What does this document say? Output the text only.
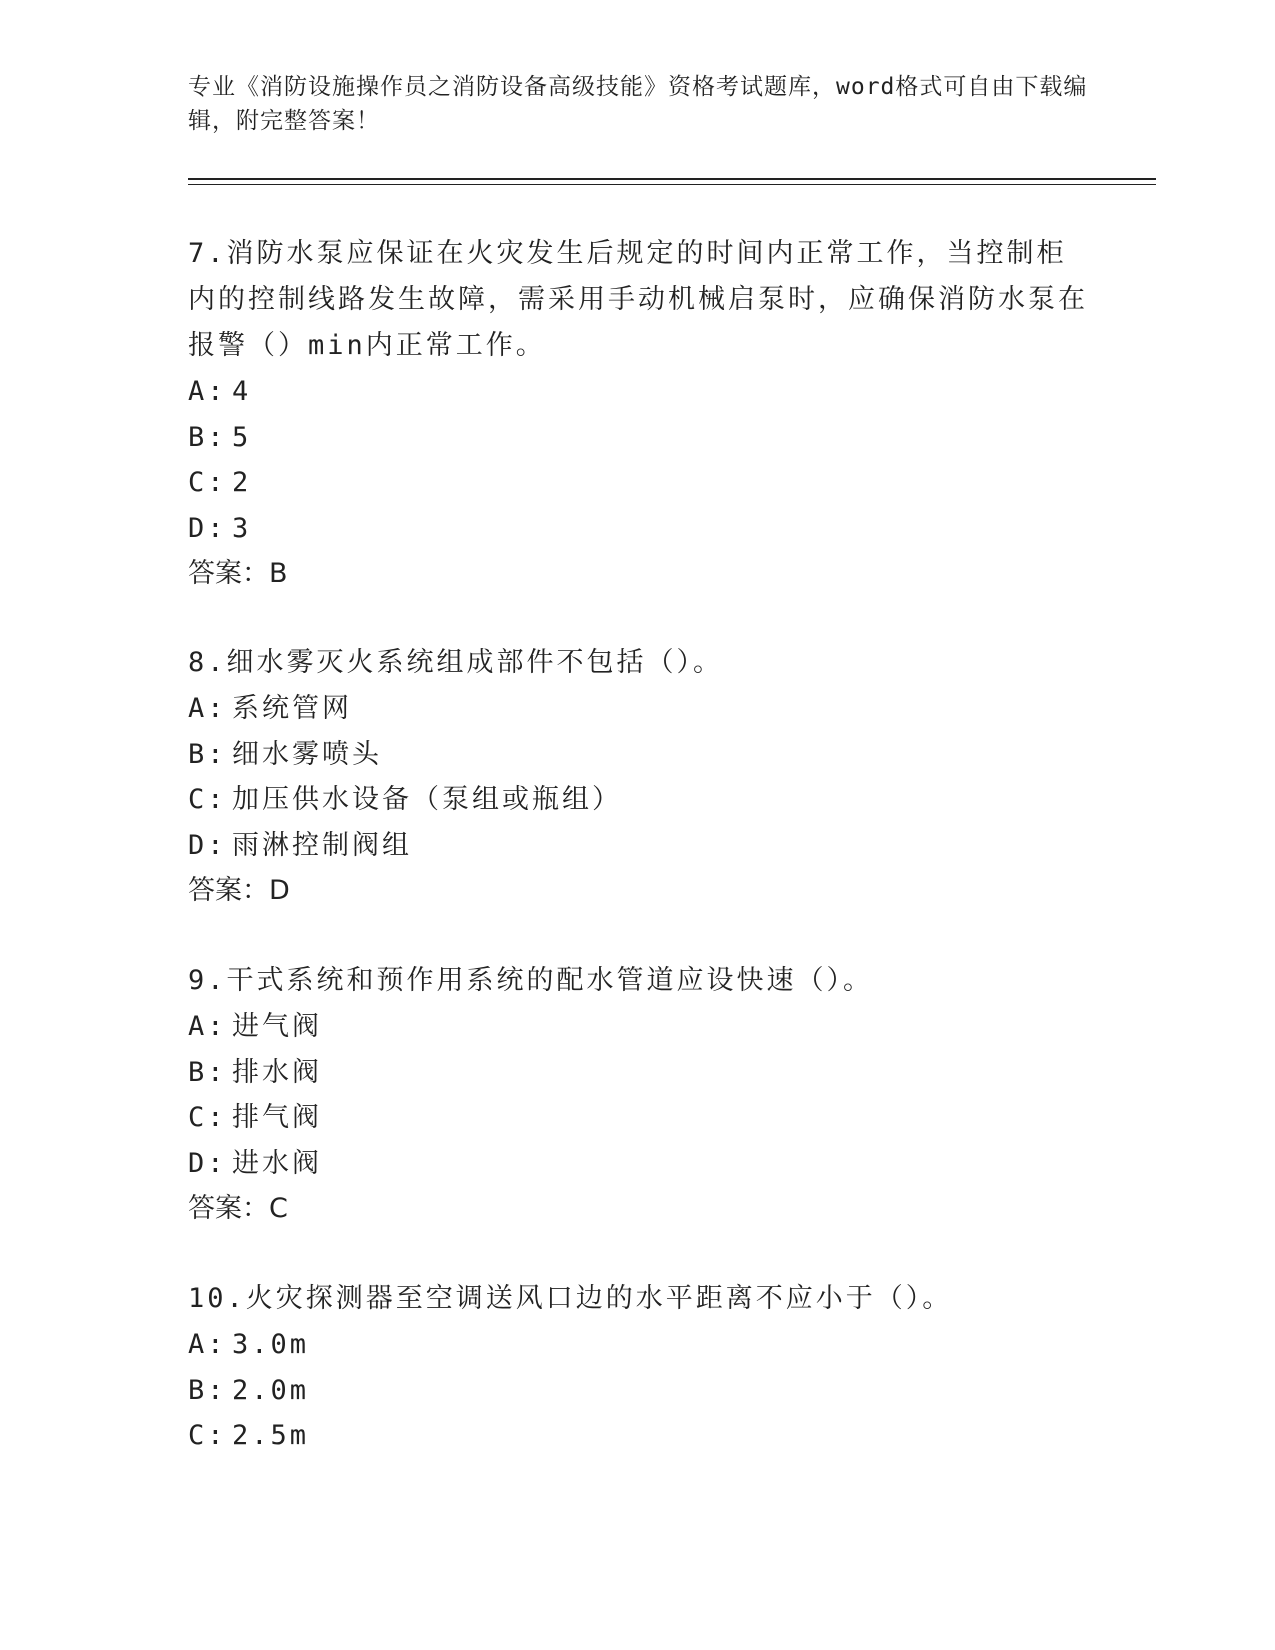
专业《消防设施操作员之消防设备高级技能》资格考试题库，word格式可自由下载编辑，附完整答案！

7.消防水泵应保证在火灾发生后规定的时间内正常工作，当控制柜内的控制线路发生故障，需采用手动机械启泵时，应确保消防水泵在报警（）min内正常工作。

A: 4

B: 5

C: 2

D: 3

答案：B

8.细水雾灭火系统组成部件不包括（）。

A: 系统管网

B: 细水雾喷头

C: 加压供水设备（泵组或瓶组）

D: 雨淋控制阀组

答案：D

9.干式系统和预作用系统的配水管道应设快速（）。

A: 进气阀

B: 排水阀

C: 排气阀

D: 进水阀

答案：C

10.火灾探测器至空调送风口边的水平距离不应小于（）。

A: 3.0m

B: 2.0m

C: 2.5m
